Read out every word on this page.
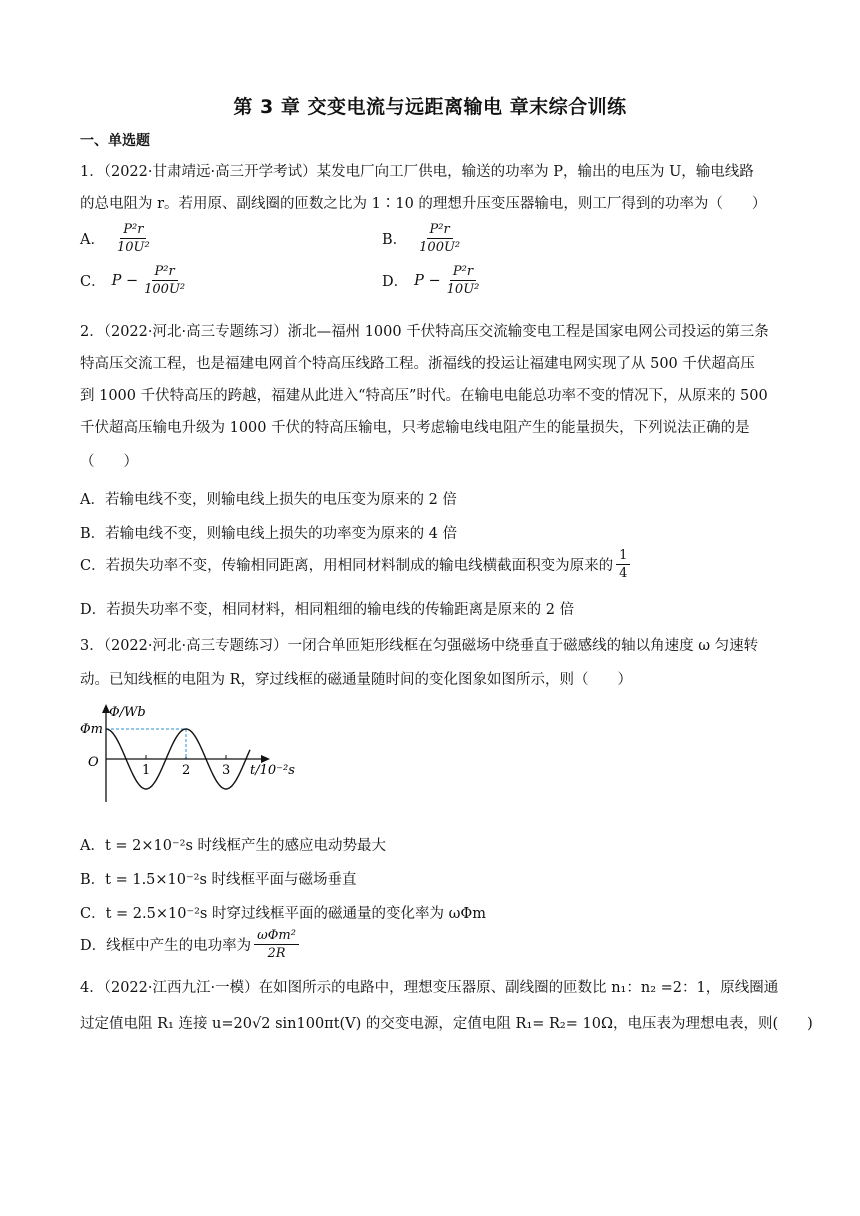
第 3 章 交变电流与远距离输电 章末综合训练
一、单选题
1．（2022·甘肃靖远·高三开学考试）某发电厂向工厂供电，输送的功率为 P，输出的电压为 U，输电线路
的总电阻为 r。若用原、副线圈的匝数之比为 1∶10 的理想升压变压器输电，则工厂得到的功率为（　　）
A． $\frac{\text{P²r}}{\text{10U²}}$	B． $\frac{\text{P²r}}{\text{100U²}}$
C． $P - \frac{\text{P²r}}{\text{100U²}}$	D． $P - \frac{\text{P²r}}{\text{10U²}}$
2．（2022·河北·高三专题练习）浙北—福州 1000 千伏特高压交流输变电工程是国家电网公司投运的第三条
特高压交流工程，也是福建电网首个特高压线路工程。浙福线的投运让福建电网实现了从 500 千伏超高压
到 1000 千伏特高压的跨越，福建从此进入“特高压”时代。在输电电能总功率不变的情况下，从原来的 500
千伏超高压输电升级为 1000 千伏的特高压输电，只考虑输电线电阻产生的能量损失，下列说法正确的是
（　　）
A．若输电线不变，则输电线上损失的电压变为原来的 2 倍
B．若输电线不变，则输电线上损失的功率变为原来的 4 倍
C．若损失功率不变，传输相同距离，用相同材料制成的输电线横截面积变为原来的 $\frac{1}{4}$
D．若损失功率不变，相同材料，相同粗细的输电线的传输距离是原来的 2 倍
3．（2022·河北·高三专题练习）一闭合单匝矩形线框在匀强磁场中绕垂直于磁感线的轴以角速度 ω 匀速转
动。已知线框的电阻为 R，穿过线框的磁通量随时间的变化图象如图所示，则（　　）
Φ/Wb
Φm
O
1 2 3 t/10⁻²s
A．t = 2×10⁻²s 时线框产生的感应电动势最大
B．t = 1.5×10⁻²s 时线框平面与磁场垂直
C．t = 2.5×10⁻²s 时穿过线框平面的磁通量的变化率为 ωΦm
D．线框中产生的电功率为 $\frac{\text{ωΦm²}}{2R}$
4．（2022·江西九江·一模）在如图所示的电路中，理想变压器原、副线圈的匝数比 n₁：n₂ =2：1，原线圈通
过定值电阻 R₁ 连接 u=20√2 sin100πt(V) 的交变电源，定值电阻 R₁= R₂= 10Ω，电压表为理想电表，则(　　)
